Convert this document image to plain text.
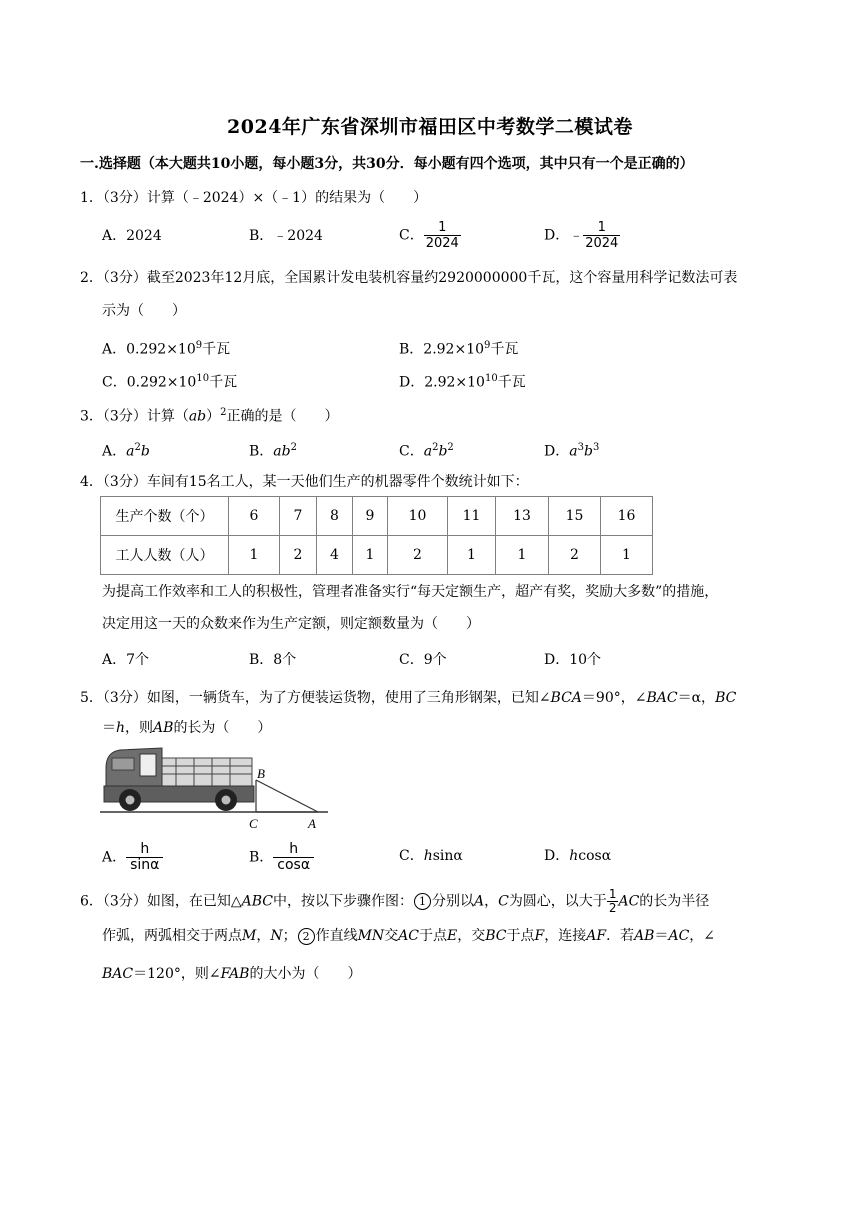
2024年广东省深圳市福田区中考数学二模试卷
一.选择题（本大题共10小题，每小题3分，共30分．每小题有四个选项，其中只有一个是正确的）
1．（3分）计算（﹣2024）×（﹣1）的结果为（　　）
A．2024	B．﹣2024	C． $\frac{1}{2024}$	D．﹣ $\frac{1}{2024}$
2．（3分）截至2023年12月底，全国累计发电装机容量约2920000000千瓦，这个容量用科学记数法可表
示为（　　）
A．$0.292\times 10^9$千瓦	B．$2.92\times 10^9$千瓦
C．$0.292\times 10^{10}$千瓦	D．$2.92\times 10^{10}$千瓦
3．（3分）计算（ab）$^2$正确的是（　　）
A．$a^2b$	B．$ab^2$	C．$a^2b^2$	D．$a^3b^3$
4．（3分）车间有15名工人，某一天他们生产的机器零件个数统计如下：
生产个数（个）	6	7	8	9	10	11	13	15	16
工人人数（人）	1	2	4	1	2	1	1	2	1
为提高工作效率和工人的积极性，管理者准备实行“每天定额生产，超产有奖，奖励大多数”的措施，
决定用这一天的众数来作为生产定额，则定额数量为（　　）
A．7个	B．8个	C．9个	D．10个
5．（3分）如图，一辆货车，为了方便装运货物，使用了三角形钢架，已知∠BCA＝90°，∠BAC＝α，BC
＝h，则AB的长为（　　）
B
C	A
A． $\frac{h}{\sin\alpha}$	B． $\frac{h}{\cos\alpha}$	C．hsinα	D．hcosα
6．（3分）如图，在已知△ABC中，按以下步骤作图： 1 分别以A，C为圆心，以大于 $\frac{1}{2}$ AC的长为半径
作弧，两弧相交于两点M，N； 2 作直线MN交AC于点E，交BC于点F，连接AF．若AB＝AC，∠
BAC＝120°，则∠FAB的大小为（　　）
